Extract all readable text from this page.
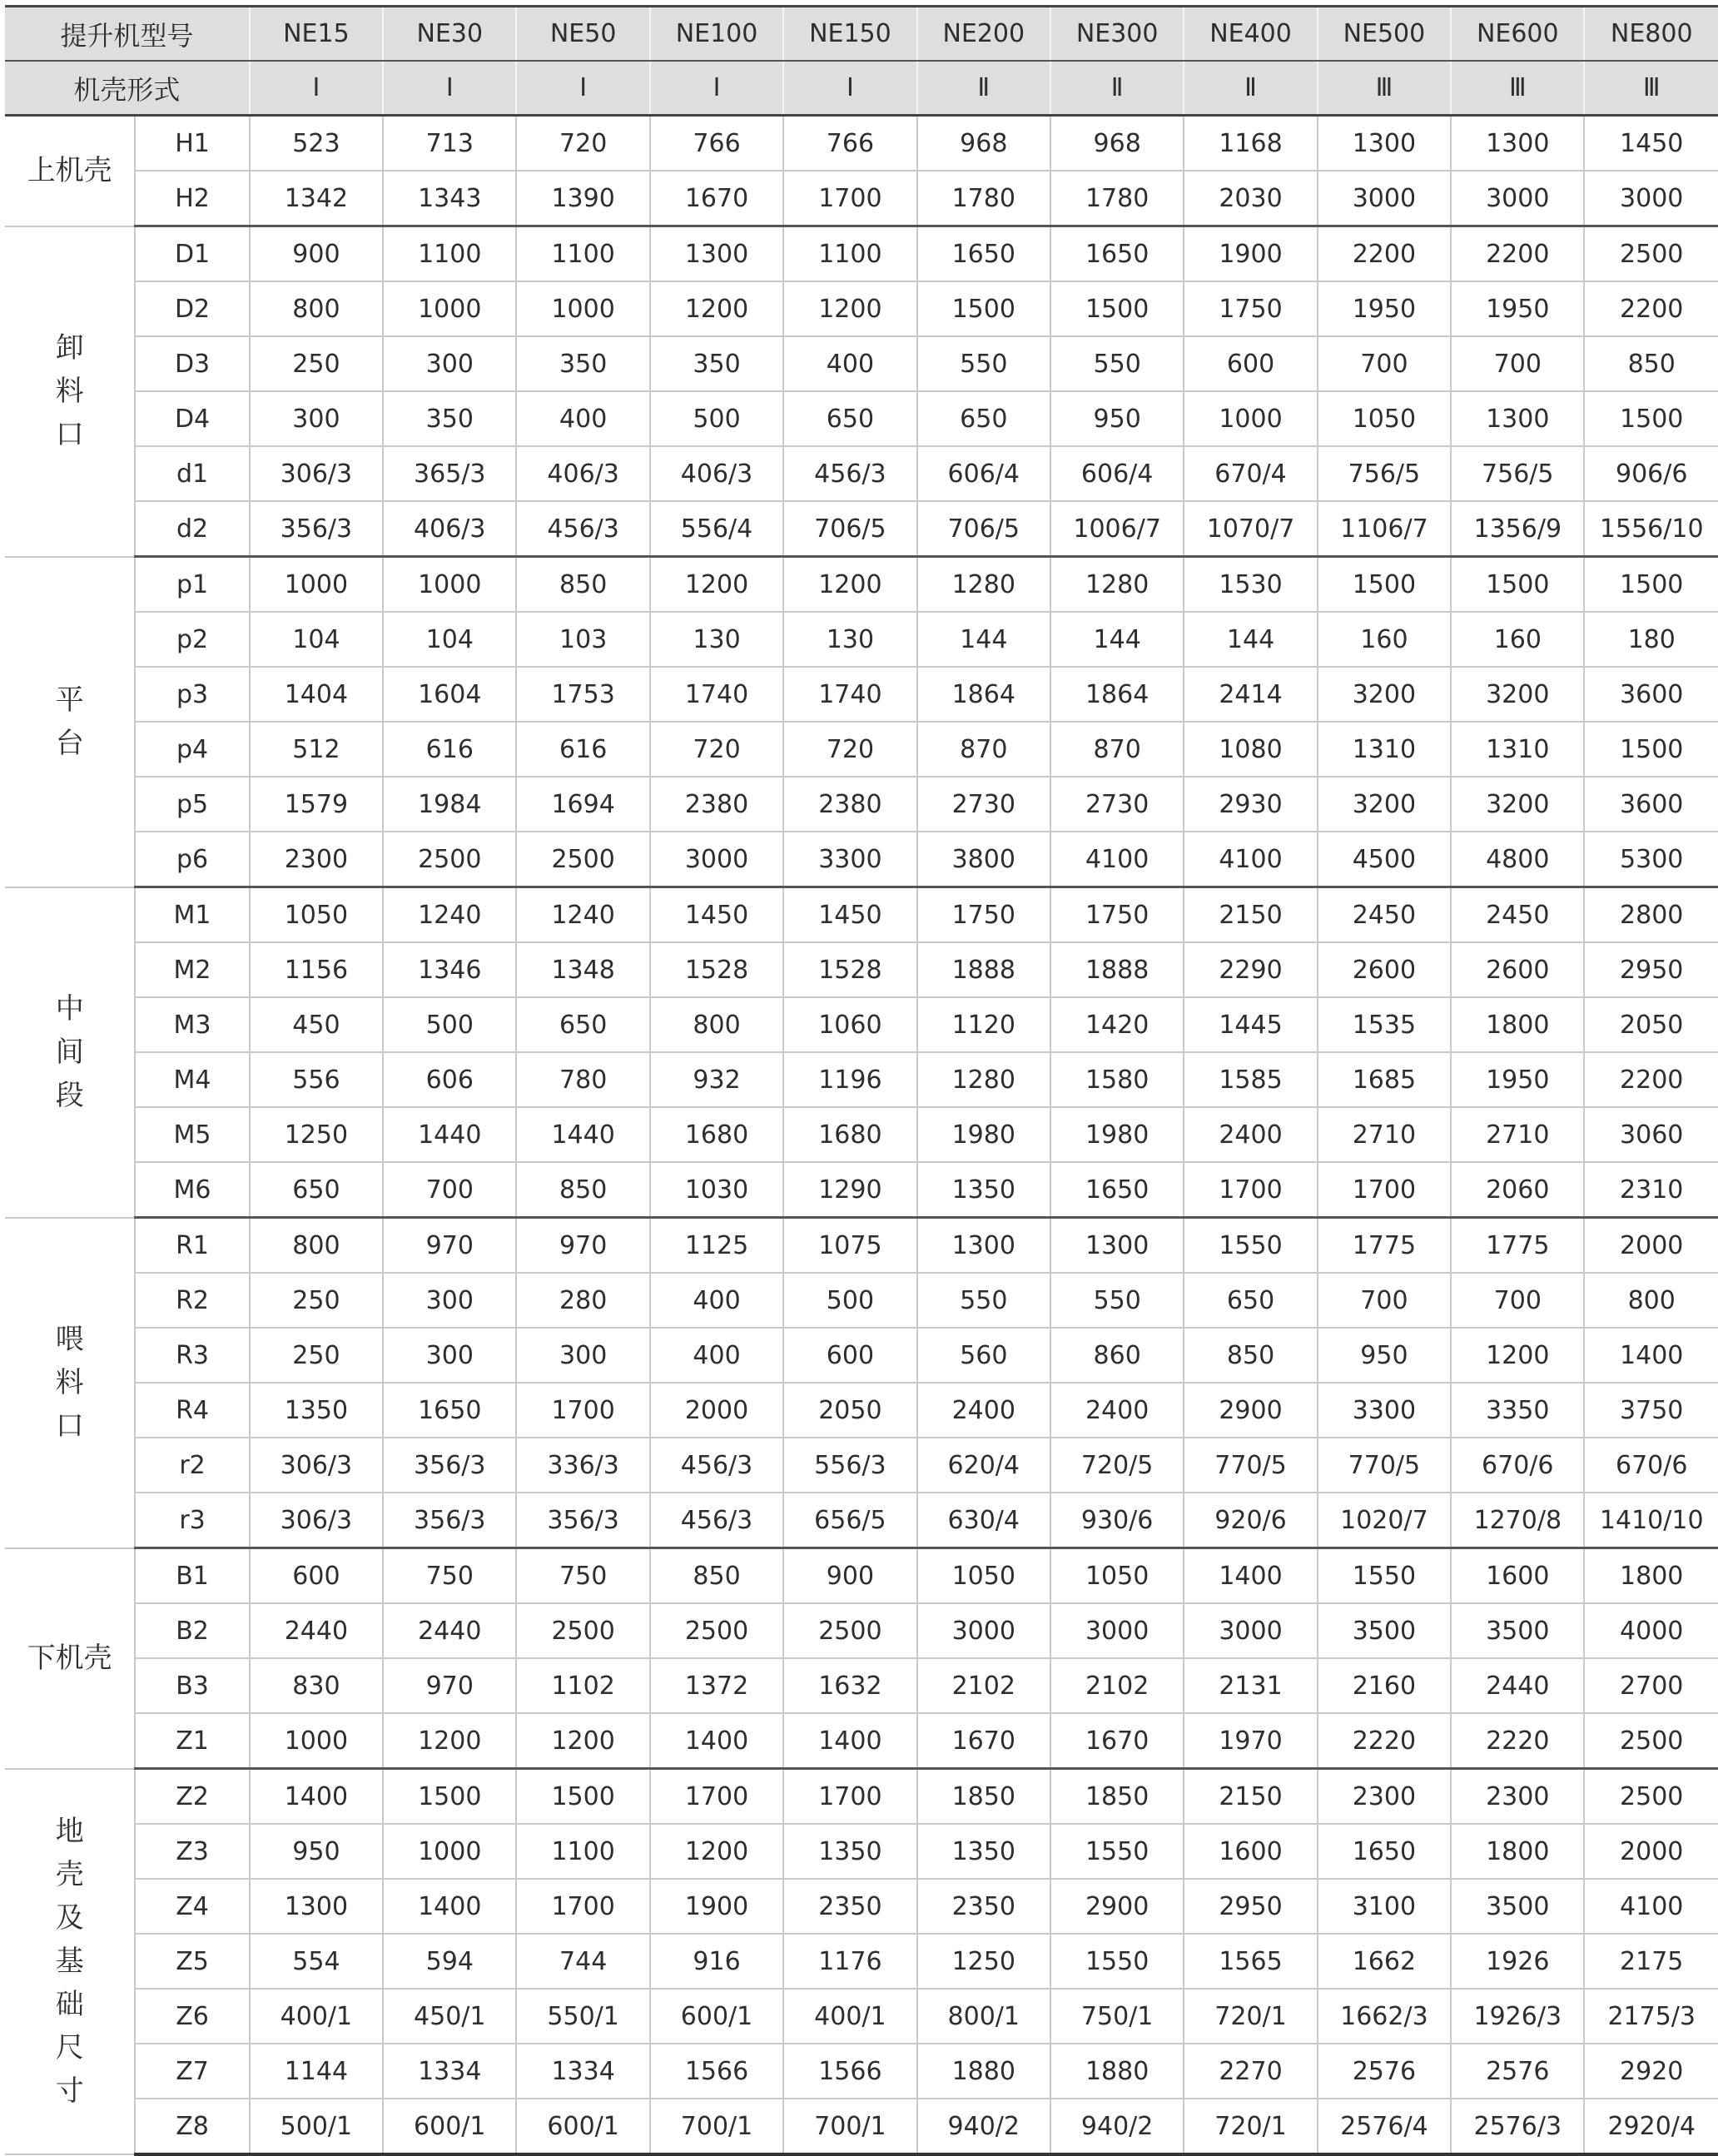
提升机型号		NE15	NE30	NE50	NE100	NE150	NE200	NE300	NE400	NE500	NE600	NE800
机壳形式		Ⅰ	Ⅰ	Ⅰ	Ⅰ	Ⅰ	Ⅱ	Ⅱ	Ⅱ	Ⅲ	Ⅲ	Ⅲ
上机壳	H1	523	713	720	766	766	968	968	1168	1300	1300	1450
	H2	1342	1343	1390	1670	1700	1780	1780	2030	3000	3000	3000
卸料口	D1	900	1100	1100	1300	1100	1650	1650	1900	2200	2200	2500
	D2	800	1000	1000	1200	1200	1500	1500	1750	1950	1950	2200
	D3	250	300	350	350	400	550	550	600	700	700	850
	D4	300	350	400	500	650	650	950	1000	1050	1300	1500
	d1	306/3	365/3	406/3	406/3	456/3	606/4	606/4	670/4	756/5	756/5	906/6
	d2	356/3	406/3	456/3	556/4	706/5	706/5	1006/7	1070/7	1106/7	1356/9	1556/10
平台	p1	1000	1000	850	1200	1200	1280	1280	1530	1500	1500	1500
	p2	104	104	103	130	130	144	144	144	160	160	180
	p3	1404	1604	1753	1740	1740	1864	1864	2414	3200	3200	3600
	p4	512	616	616	720	720	870	870	1080	1310	1310	1500
	p5	1579	1984	1694	2380	2380	2730	2730	2930	3200	3200	3600
	p6	2300	2500	2500	3000	3300	3800	4100	4100	4500	4800	5300
中间段	M1	1050	1240	1240	1450	1450	1750	1750	2150	2450	2450	2800
	M2	1156	1346	1348	1528	1528	1888	1888	2290	2600	2600	2950
	M3	450	500	650	800	1060	1120	1420	1445	1535	1800	2050
	M4	556	606	780	932	1196	1280	1580	1585	1685	1950	2200
	M5	1250	1440	1440	1680	1680	1980	1980	2400	2710	2710	3060
	M6	650	700	850	1030	1290	1350	1650	1700	1700	2060	2310
喂料口	R1	800	970	970	1125	1075	1300	1300	1550	1775	1775	2000
	R2	250	300	280	400	500	550	550	650	700	700	800
	R3	250	300	300	400	600	560	860	850	950	1200	1400
	R4	1350	1650	1700	2000	2050	2400	2400	2900	3300	3350	3750
	r2	306/3	356/3	336/3	456/3	556/3	620/4	720/5	770/5	770/5	670/6	670/6
	r3	306/3	356/3	356/3	456/3	656/5	630/4	930/6	920/6	1020/7	1270/8	1410/10
下机壳	B1	600	750	750	850	900	1050	1050	1400	1550	1600	1800
	B2	2440	2440	2500	2500	2500	3000	3000	3000	3500	3500	4000
	B3	830	970	1102	1372	1632	2102	2102	2131	2160	2440	2700
	Z1	1000	1200	1200	1400	1400	1670	1670	1970	2220	2220	2500
地壳及基础尺寸	Z2	1400	1500	1500	1700	1700	1850	1850	2150	2300	2300	2500
	Z3	950	1000	1100	1200	1350	1350	1550	1600	1650	1800	2000
	Z4	1300	1400	1700	1900	2350	2350	2900	2950	3100	3500	4100
	Z5	554	594	744	916	1176	1250	1550	1565	1662	1926	2175
	Z6	400/1	450/1	550/1	600/1	400/1	800/1	750/1	720/1	1662/3	1926/3	2175/3
	Z7	1144	1334	1334	1566	1566	1880	1880	2270	2576	2576	2920
	Z8	500/1	600/1	600/1	700/1	700/1	940/2	940/2	720/1	2576/4	2576/3	2920/4
